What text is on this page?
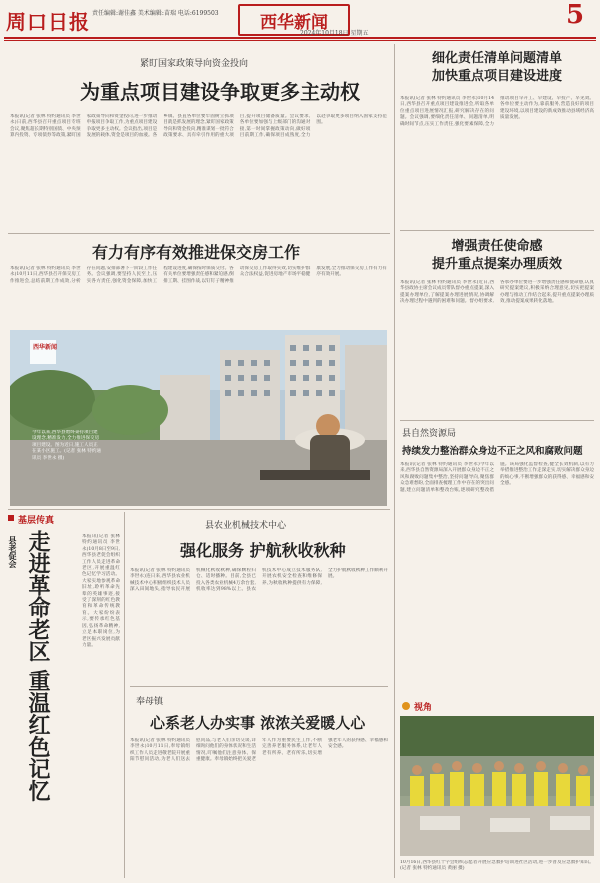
周口日报 责任编辑:谢佳鑫 美术编辑:苗瑞 电话:6199503	西华新闻
2024年10月18日 星期五
5
紧盯国家政策导向资金投向
为重点项目建设争取更多主动权
本报讯(记者 张林 特约通讯员 李世永)日前,西华县召开重点项目专班会议,聚焦超长期特别国债、中央预算内投资、专项债券等政策,紧盯国家政策导向和资金投向,进一步推动申报项目争取工作,为重点项目建设争取更多主动权。会议指出,项目是发展的载体,资金是项目的血液。各乡镇、县直各单位要牢固树立抓项目就是抓发展的理念,紧盯国家政策导向和资金投向,精准谋划一批符合政策要求、具有牵引作用的重大项目,提升项目储备质量。会议要求,各单位要加强与上级部门的沟通对接,第一时间掌握政策动向,做好项目前期工作,确保项目成熟度,全力以赴争取更多项目纳入国家支持范围。
有力有序有效推进保交房工作
本报讯(记者 张林 特约通讯员 李世永)10月11日,西华县召开保交房工作推进会,总结前期工作成效,分析存在问题,安排部署下一阶段工作任务。会议强调,要坚持人民至上,压实各方责任,强化资金保障,加快工程建设进度,确保按时保质交付。各有关单位要增强责任感和紧迫感,倒排工期、挂图作战,以钉钉子精神推动保交房工作取得实效,切实维护群众合法权益,促进房地产市场平稳健康发展,全力推动保交房工作有力有序有效开展。
西华新闻
今年以来,西华县始终秉持项目建设理念,精准发力,全力推进保交房项目建设。图为近日,施工人员正在某小区施工。(记者 张林 特约通讯员 李世永 摄)
基层传真
县老促会 走进革命老区 重温红色记忆	本报讯(记者 张林 特约通讯员 李世永)10月8日至9日,西华县老促会组织工作人员走进革命老区,开展重温红色记忆学习活动。大家实地参观革命旧址,聆听革命先辈的英雄事迹,接受了深刻的红色教育和革命传统教育。大家纷纷表示,要传承红色基因,弘扬革命精神,立足本职岗位,为老区振兴发展贡献力量。
县农业机械技术中心
强化服务 护航秋收秋种
本报讯(记者 张林 特约通讯员 李世永)连日来,西华县农业机械技术中心积极组织技术人员深入田间地头,指导农民开展机械化秋收秋种,确保颗粒归仓、适时播种。目前,全县已投入各类农业机械4万余台套,机收率达到98%以上。县农机技术中心成立技术服务队,开展农机安全检查和维修保养,为秋收秋种提供有力保障,全力护航秋收秋种工作顺利开展。
奉母镇
心系老人办实事 浓浓关爱暖人心
本报讯(记者 张林 特约通讯员 李世永)10月11日,奉母镇组织工作人员走进敬老院开展重阳节慰问活动,为老人们送去慰问品,与老人们亲切交谈,详细询问他们的身体状况和生活情况,叮嘱他们注意身体、保重健康。奉母镇始终把关爱老年人作为重要民生工作,不断完善养老服务体系,让老年人老有所养、老有所乐,切实增强老年人的获得感、幸福感和安全感。
细化责任清单问题清单
加快重点项目建设进度
本报讯(记者 张林 特约通讯员 李世永)10月14日,西华县召开重点项目建设推进会,听取各单位重点项目进展情况汇报,研究解决存在的问题。会议强调,要细化责任清单、问题清单,明确时间节点,压实工作责任,强化要素保障,全力推动项目早开工、早建设、早投产、早见效。各单位要主动作为,靠前服务,营造良好的项目建设环境,以项目建设的新成效推动县域经济高质量发展。
增强责任使命感
提升重点提案办理质效
本报讯(记者 张林 特约通讯员 李世永)近日,西华县政协主席会议成员带队督办重点提案,深入提案办理单位,了解提案办理进展情况,协调解决办理过程中遇到的困难和问题。督办组要求,各承办单位要进一步增强责任感和使命感,认真研究提案建议,积极采纳合理意见,切实把提案办理与推动工作结合起来,提升重点提案办理质效,推动提案成果转化落地。
县自然资源局
持续发力整治群众身边不正之风和腐败问题
本报讯(记者 张林 特约通讯员 李世永)今年以来,西华县自然资源局深入开展群众身边不正之风和腐败问题集中整治,坚持问题导向,聚焦群众急难愁盼,全面排查梳理工作中存在的突出问题,建立问题清单和整改台账,逐项研究整改措施。该局强化监督检查,健全长效机制,以有力举措推进整治工作走深走实,切实解决群众身边的烦心事,不断增强群众的获得感、幸福感和安全感。
视角
10月16日,西华县红十字会组织志愿者开展应急救护培训进社区活动,进一步普及应急救护知识。(记者 张林 特约通讯员 黄丽 摄)
